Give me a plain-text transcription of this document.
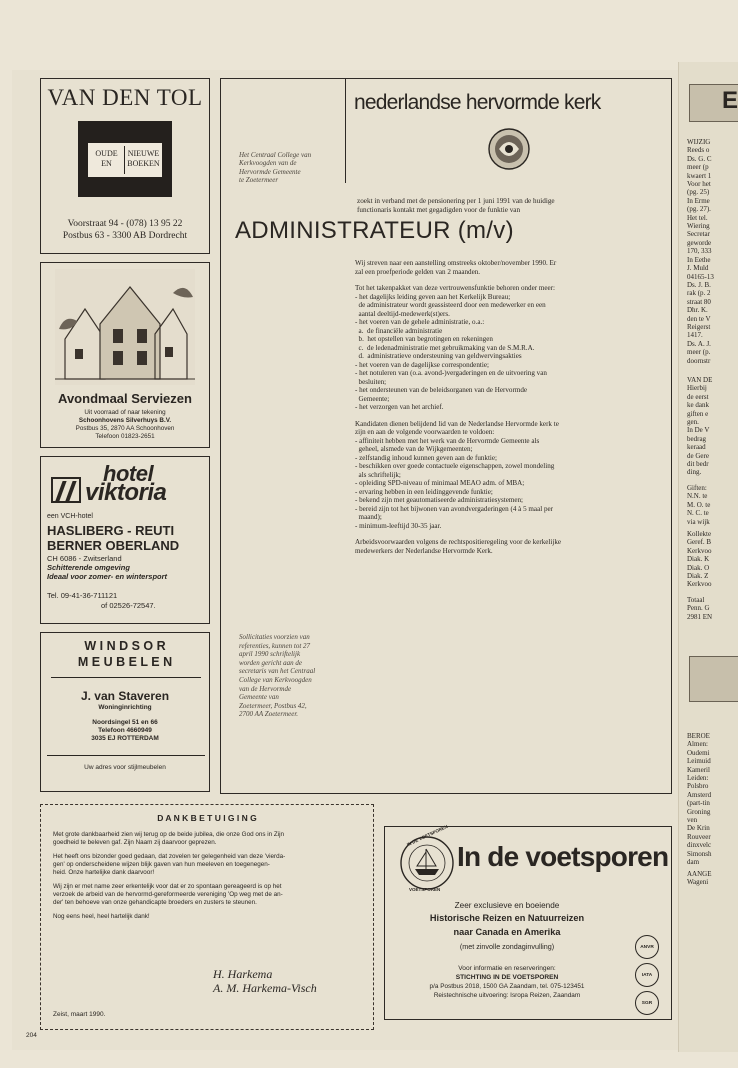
VAN DEN TOL
OUDE EN
NIEUWE BOEKEN
Voorstraat 94 - (078) 13 95 22
Postbus 63 - 3300 AB Dordrecht
Avondmaal Serviezen
Uit voorraad of naar tekening
Schoonhovens Silverhuys B.V.
Postbus 35, 2870 AA Schoonhoven
Telefoon 01823-2651
hotel
viktoria
een VCH-hotel
HASLIBERG - REUTI
BERNER OBERLAND
CH 6086 - Zwitserland
Schitterende omgeving
Ideaal voor zomer- en wintersport
Tel. 09-41-36-711121
of 02526-72547.
W I N D S O R
M E U B E L E N
J. van Staveren
Woninginrichting
Noordsingel 51 en 66
Telefoon 4660949
3035 EJ ROTTERDAM
Uw adres voor stijlmeubelen
nederlandse hervormde kerk
Het Centraal College van
Kerkvoogden van de
Hervormde Gemeente
te Zoetermeer
zoekt in verband met de pensionering per 1 juni 1991 van de huidige
functionaris kontakt met gegadigden voor de funktie van
ADMINISTRATEUR (m/v)
Wij streven naar een aanstelling omstreeks oktober/november 1990. Er
zal een proefperiode gelden van 2 maanden.
Tot het takenpakket van deze vertrouwensfunktie behoren onder meer:
- het dagelijks leiding geven aan het Kerkelijk Bureau;
de administrateur wordt geassisteerd door een medewerker en een
aantal deeltijd-medewerk(st)ers.
- het voeren van de gehele administratie, o.a.:
a.  de financiële administratie
b.  het opstellen van begrotingen en rekeningen
c.  de ledenadministratie met gebruikmaking van de S.M.R.A.
d.  administratieve ondersteuning van geldwervingsakties
- het voeren van de dagelijkse correspondentie;
- het notuleren van (o.a. avond-)vergaderingen en de uitvoering van
besluiten;
- het ondersteunen van de beleidsorganen van de Hervormde
Gemeente;
- het verzorgen van het archief.
Kandidaten dienen belijdend lid van de Nederlandse Hervormde kerk te
zijn en aan de volgende voorwaarden te voldoen:
- affiniteit hebben met het werk van de Hervormde Gemeente als
geheel, alsmede van de Wijkgemeenten;
- zelfstandig inhoud kunnen geven aan de funktie;
- beschikken over goede contactuele eigenschappen, zowel mondeling
als schriftelijk;
- opleiding SPD-niveau of minimaal MEAO adm. of MBA;
- ervaring hebben in een leidinggevende funktie;
- bekend zijn met geautomatiseerde administratiesystemen;
- bereid zijn tot het bijwonen van avondvergaderingen (4 à 5 maal per
maand);
- minimum-leeftijd 30-35 jaar.
Arbeidsvoorwaarden volgens de rechtspositieregeling voor de kerkelijke
medewerkers der Nederlandse Hervormde Kerk.
Sollicitaties voorzien van
referenties, kunnen tot 27
april 1990 schriftelijk
worden gericht aan de
secretaris van het Centraal
College van Kerkvoogden
van de Hervormde
Gemeente van
Zoetermeer, Postbus 42,
2700 AA Zoetermeer.
D A N K B E T U I G I N G
Met grote dankbaarheid zien wij terug op de beide jubilea, die onze God ons in Zijn
goedheid te beleven gaf. Zijn Naam zij daarvoor geprezen.
Het heeft ons bizonder goed gedaan, dat zovelen ter gelegenheid van deze 'vierda-
gen' op onderscheidene wijzen blijk gaven van hun meeleven en toegenegen-
heid. Onze hartelijke dank daarvoor!
Wij zijn er met name zeer erkentelijk voor dat er zo spontaan gereageerd is op het
verzoek de arbeid van de hervormd-gereformeerde vereniging 'Op weg met de an-
der' ten behoeve van onze gehandicapte broeders en zusters te steunen.
Nog eens heel, heel hartelijk dank!
H. Harkema
A. M. Harkema-Visch
Zeist, maart 1990.
IN DE VOETSPOREN
VOETSPOREN
In de voetsporen
Zeer exclusieve en boeiende
Historische Reizen en Natuurreizen
naar Canada en Amerika
(met zinvolle zondaginvulling)
Voor informatie en reserveringen:
STICHTING IN DE VOETSPOREN
p/a Postbus 2018, 1500 GA Zaandam, tel. 075-123451
Reistechnische uitvoering: Isropa Reizen, Zaandam
ANVR
IATA
SGR
204
E
WIJZIG
Reeds o
Ds. G. C
meer (p
kwaert 1
Voor het
(pg. 25)
In Erme
(pg. 27).
Het tel.
Wiering
Secretar
geworde
170, 333
In Eethe
J. Muld
04165-13
Ds. J. B.
rak (p. 2
straat 80
Dhr. K.
den te V
Reigerst
1417.
Ds. A. J.
meer (p.
doornstr
VAN DE
Hierbij
de eerst
ke dank
giften e
gen.
In De V
bedrag
keraad
de Gere
dit bedr
ding.
Giften:
N.N. te
M. O. te
N. C. te
via wijk
Kollekte
Geref. B
Kerkvoo
Diak. K
Diak. O
Diak. Z
Kerkvoo
Totaal
Penn. G
2981 EN
BEROE
Almen:
Oudemi
Leimuid
Kameril
Leiden:
Polsbro
Amsterd
(part-tin
Groning
ven
De Krin
Rouveer
dinxvelc
Simonsh
dam
AANGE
Wageni
